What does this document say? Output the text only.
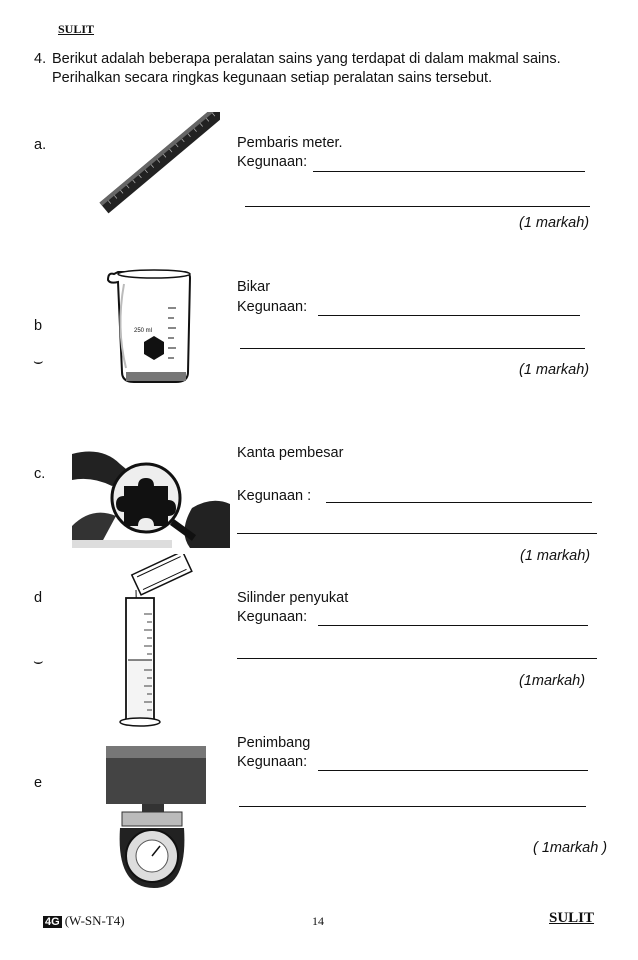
SULIT
4. Berikut adalah beberapa peralatan sains yang terdapat di dalam makmal sains.
Perihalkan secara ringkas kegunaan setiap peralatan sains tersebut.
a.	Pembaris meter.
Kegunaan:
(1 markah)
b
⌣
250 ml
Bikar
Kegunaan:
(1 markah)
c.
Kanta pembesar
Kegunaan :
(1 markah)
d
⌣
Silinder penyukat
Kegunaan:
(1markah)
e
Penimbang
Kegunaan:
( 1markah )
4G (W-SN-T4)	14	SULIT
